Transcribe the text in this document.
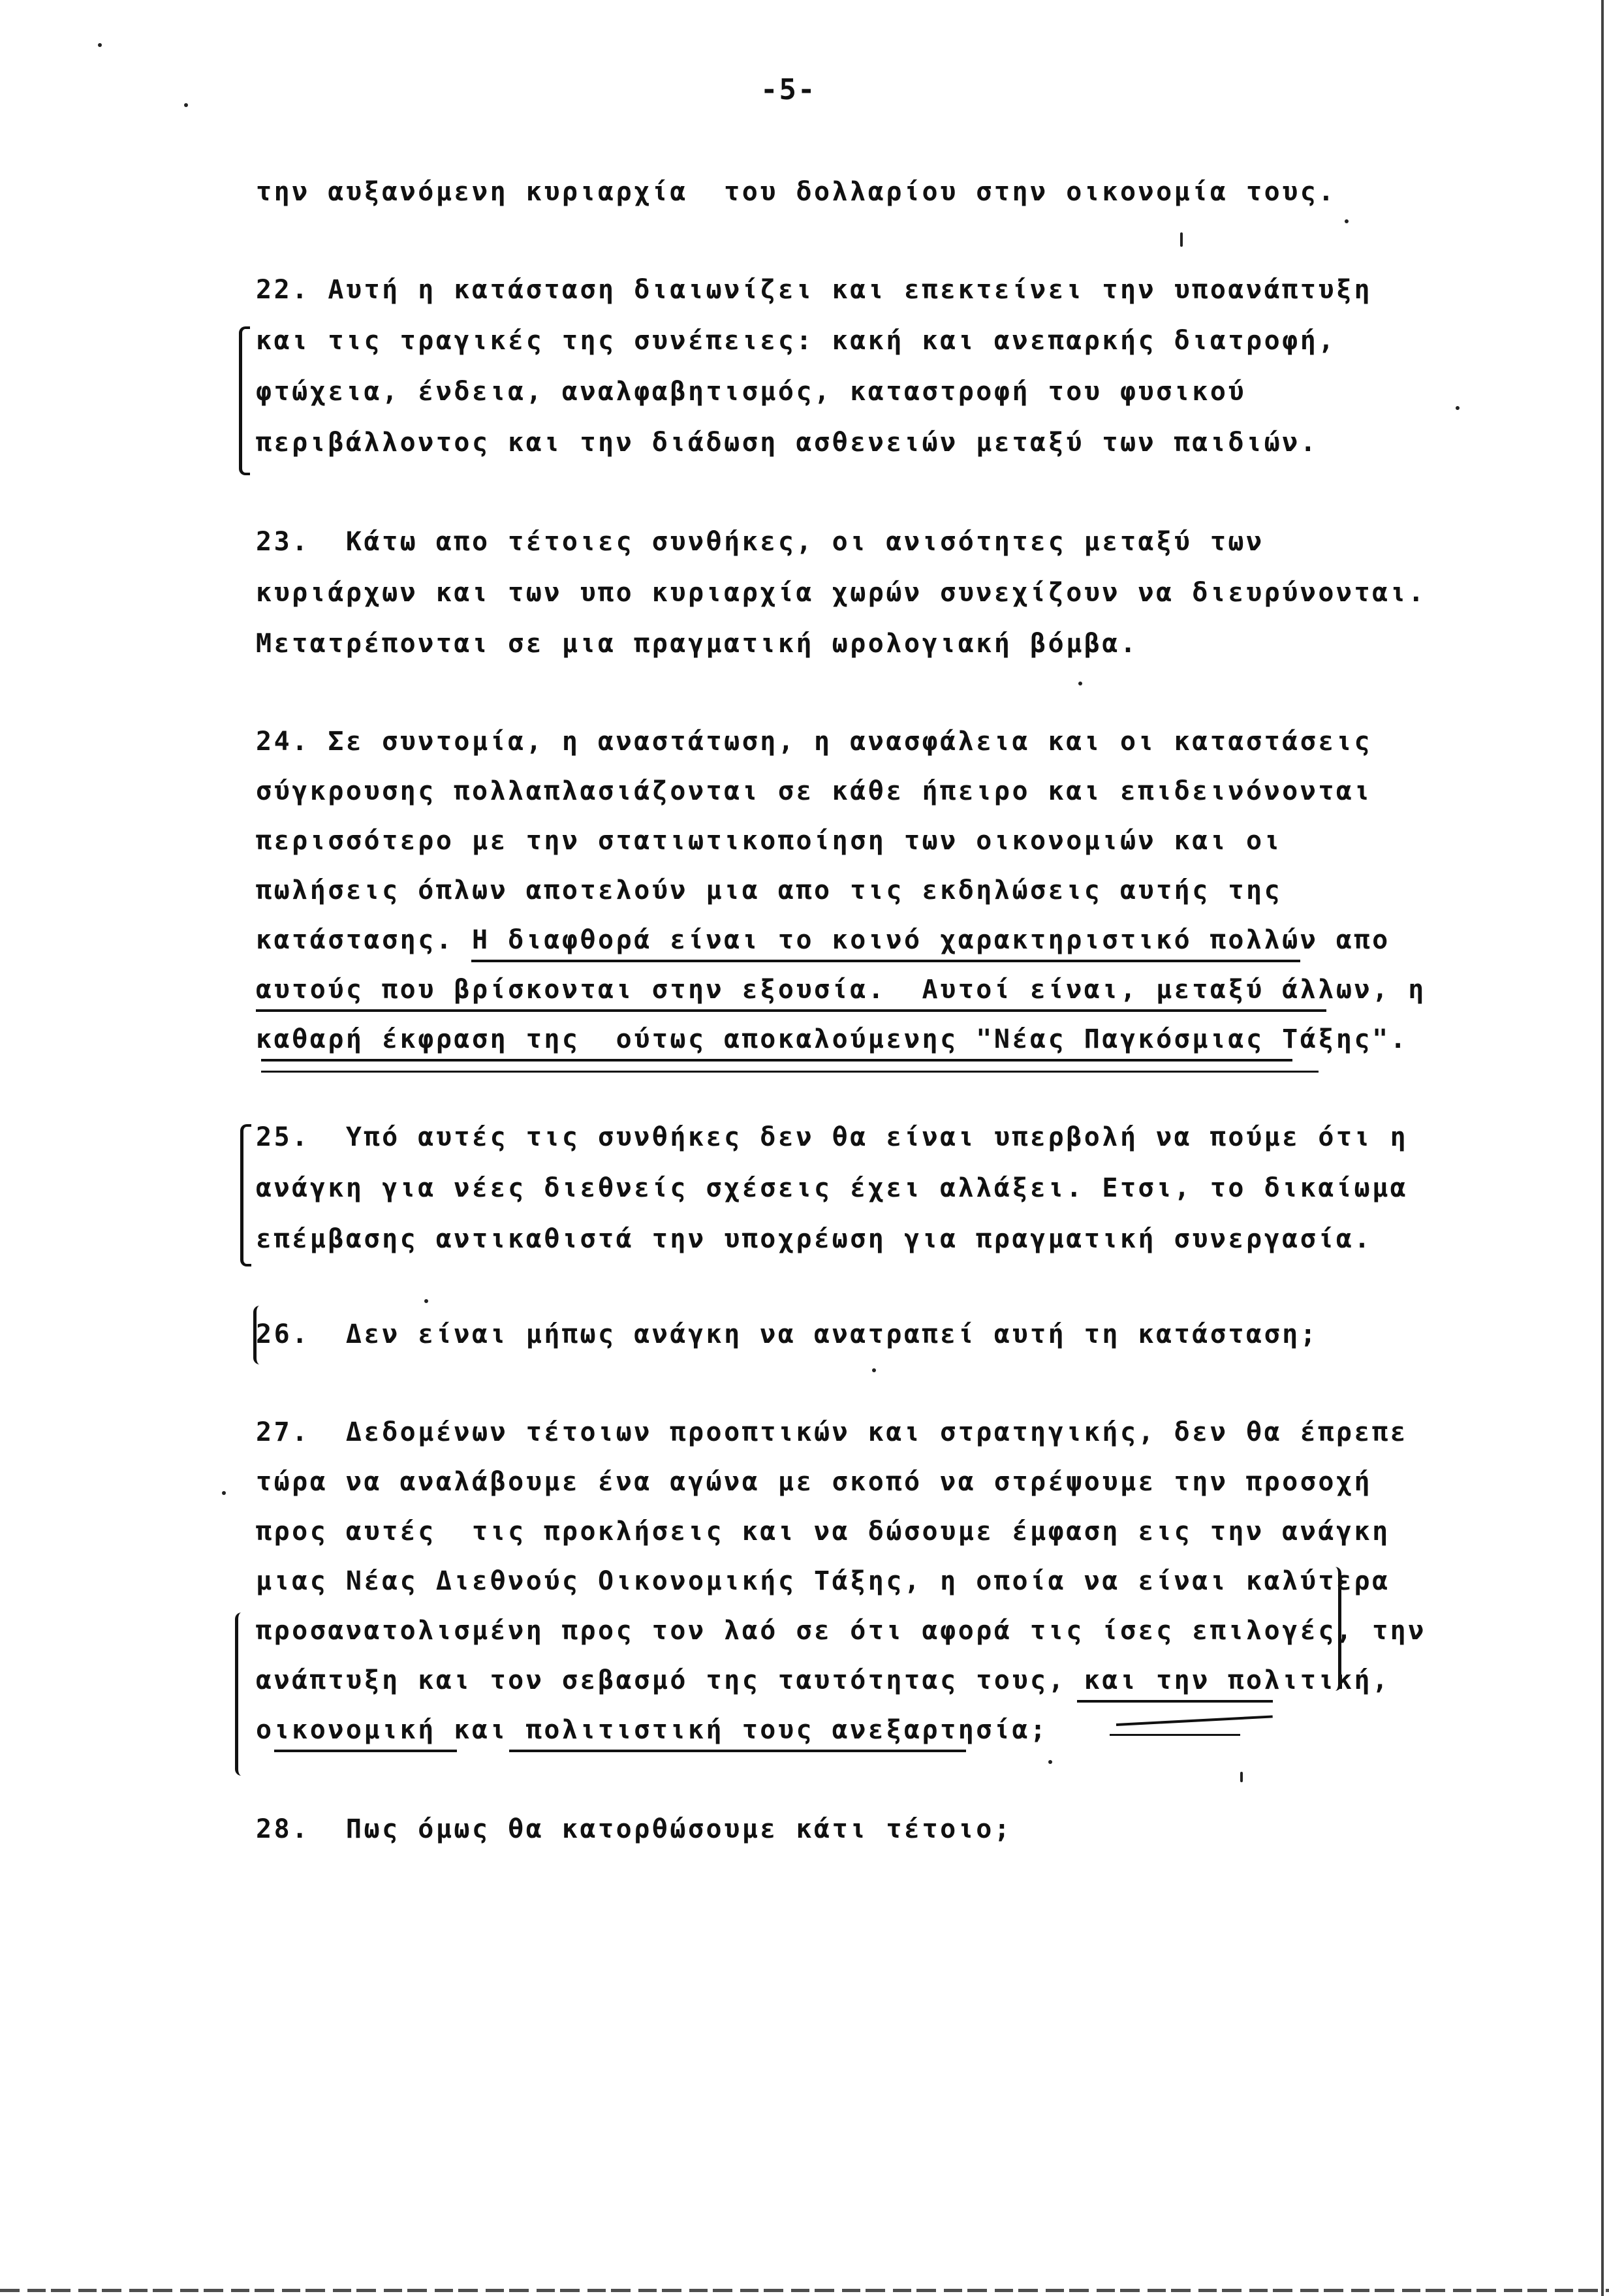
-5-
την αυξανόμενη κυριαρχία  του δολλαρίου στην οικονομία τους.
22. Αυτή η κατάσταση διαιωνίζει και επεκτείνει την υποανάπτυξη
και τις τραγικές της συνέπειες: κακή και ανεπαρκής διατροφή,
φτώχεια, ένδεια, αναλφαβητισμός, καταστροφή του φυσικού
περιβάλλοντος και την διάδωση ασθενειών μεταξύ των παιδιών.
23.  Κάτω απο τέτοιες συνθήκες, οι ανισότητες μεταξύ των
κυριάρχων και των υπο κυριαρχία χωρών συνεχίζουν να διευρύνονται.
Μετατρέπονται σε μια πραγματική ωρολογιακή βόμβα.
24. Σε συντομία, η αναστάτωση, η ανασφάλεια και οι καταστάσεις
σύγκρουσης πολλαπλασιάζονται σε κάθε ήπειρο και επιδεινόνονται
περισσότερο με την στατιωτικοποίηση των οικονομιών και οι
πωλήσεις όπλων αποτελούν μια απο τις εκδηλώσεις αυτής της
κατάστασης. Η διαφθορά είναι το κοινό χαρακτηριστικό πολλών απο
αυτούς που βρίσκονται στην εξουσία.  Αυτοί είναι, μεταξύ άλλων, η
καθαρή έκφραση της  ούτως αποκαλούμενης "Νέας Παγκόσμιας Τάξης".
25.  Υπό αυτές τις συνθήκες δεν θα είναι υπερβολή να πούμε ότι η
ανάγκη για νέες διεθνείς σχέσεις έχει αλλάξει. Ετσι, το δικαίωμα
επέμβασης αντικαθιστά την υποχρέωση για πραγματική συνεργασία.
26.  Δεν είναι μήπως ανάγκη να ανατραπεί αυτή τη κατάσταση;
27.  Δεδομένων τέτοιων προοπτικών και στρατηγικής, δεν θα έπρεπε
τώρα να αναλάβουμε ένα αγώνα με σκοπό να στρέψουμε την προσοχή
προς αυτές  τις προκλήσεις και να δώσουμε έμφαση εις την ανάγκη
μιας Νέας Διεθνούς Οικονομικής Τάξης, η οποία να είναι καλύτερα
προσανατολισμένη προς τον λαό σε ότι αφορά τις ίσες επιλογές, την
ανάπτυξη και τον σεβασμό της ταυτότητας τους, και την πολιτική,
οικονομική και πολιτιστική τους ανεξαρτησία;
28.  Πως όμως θα κατορθώσουμε κάτι τέτοιο;
